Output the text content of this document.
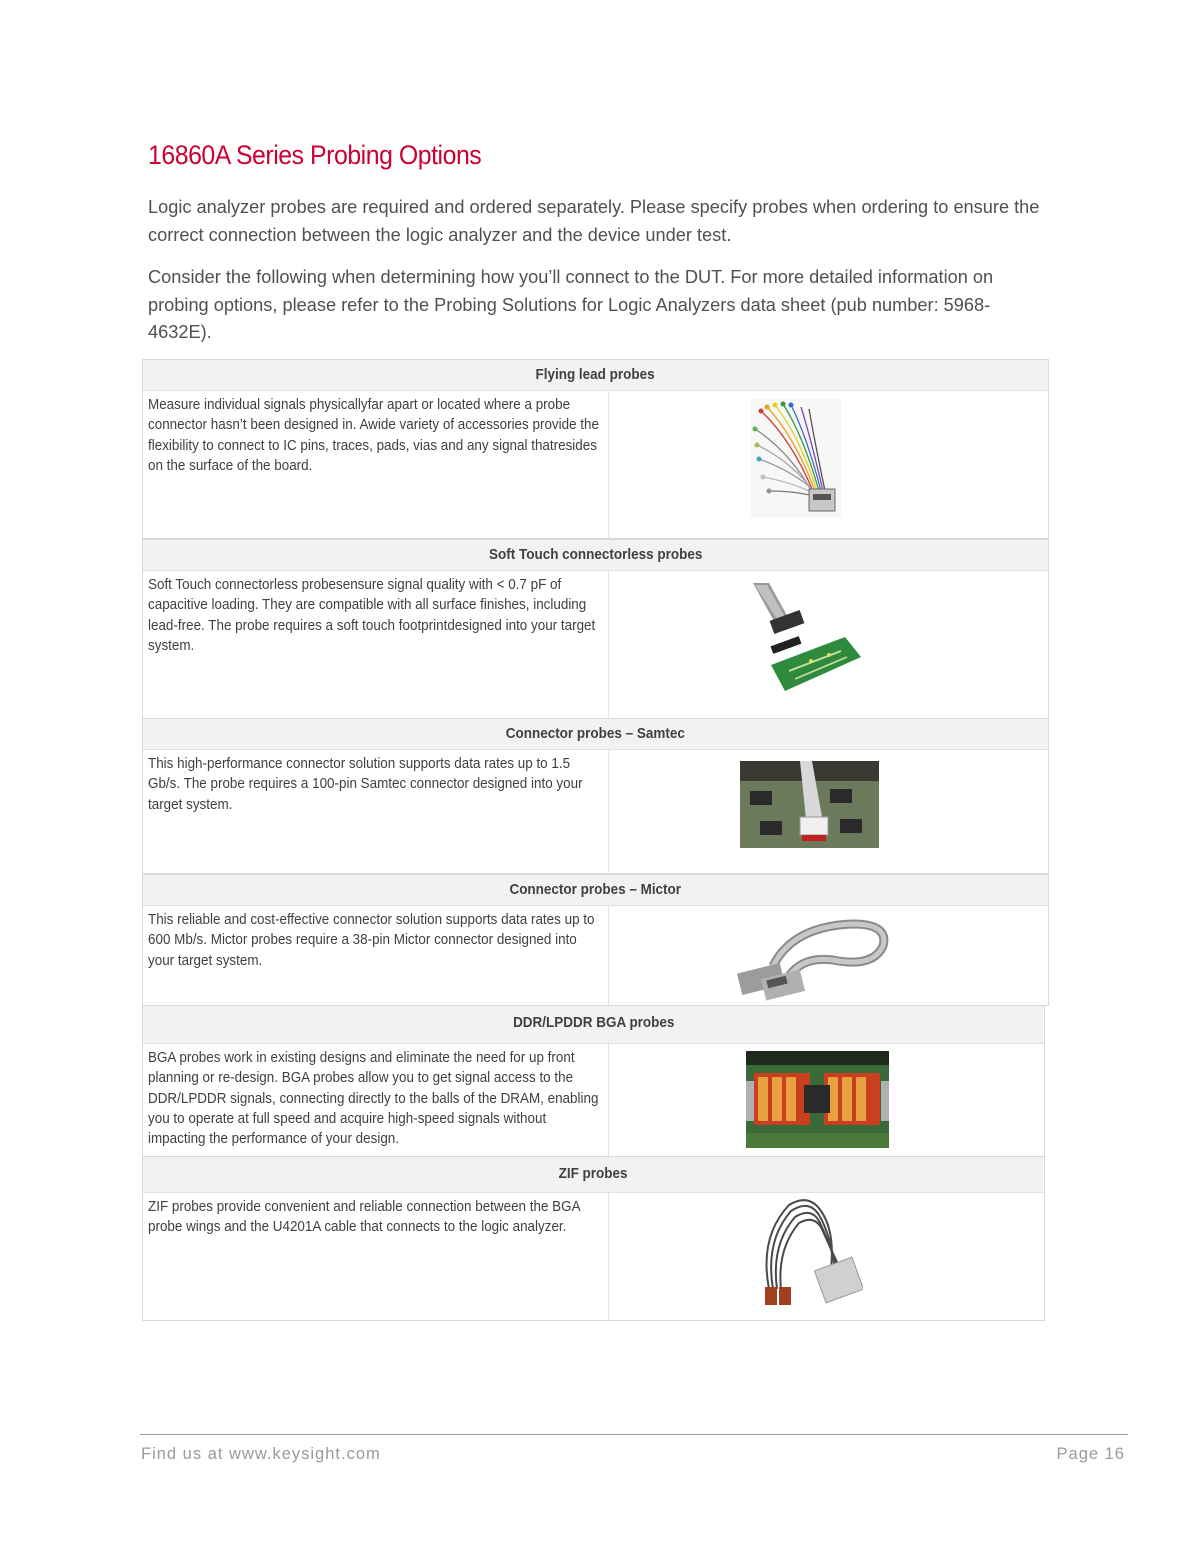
16860A Series Probing Options
Logic analyzer probes are required and ordered separately. Please specify probes when ordering to ensure the correct connection between the logic analyzer and the device under test.
Consider the following when determining how you’ll connect to the DUT. For more detailed information on probing options, please refer to the Probing Solutions for Logic Analyzers data sheet (pub number: 5968-4632E).
Flying lead probes
Measure individual signals physicallyfar apart or located where a probe connector hasn’t been designed in. Awide variety of accessories provide the flexibility to connect to IC pins, traces, pads, vias and any signal thatresides on the surface of the board.
Soft Touch connectorless probes
Soft Touch connectorless probesensure signal quality with < 0.7 pF of capacitive loading. They are compatible with all surface finishes, including lead-free. The probe requires a soft touch footprintdesigned into your target system.
Connector probes – Samtec
This high-performance connector solution supports data rates up to 1.5 Gb/s. The probe requires a 100-pin Samtec connector designed into your target system.
Connector probes – Mictor
This reliable and cost-effective connector solution supports data rates up to 600 Mb/s. Mictor probes require a 38-pin Mictor connector designed into your target system.
DDR/LPDDR BGA probes
BGA probes work in existing designs and eliminate the need for up front planning or re-design. BGA probes allow you to get signal access to the DDR/LPDDR signals, connecting directly to the balls of the DRAM, enabling you to operate at full speed and acquire high-speed signals without impacting the performance of your design.
ZIF probes
ZIF probes provide convenient and reliable connection between the BGA probe wings and the U4201A cable that connects to the logic analyzer.
Find us at www.keysight.com	Page 16
